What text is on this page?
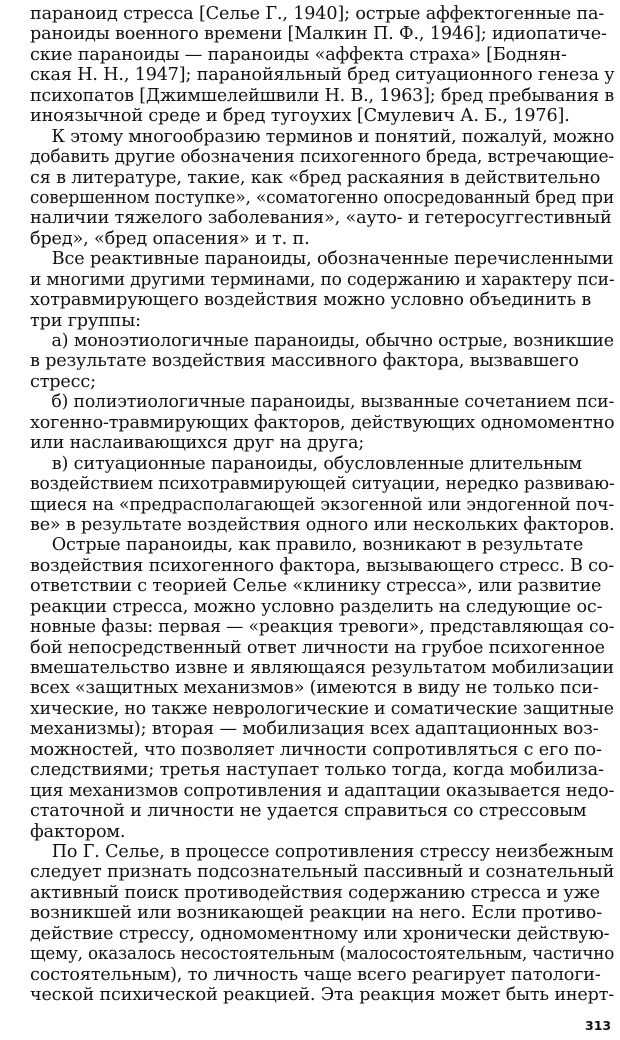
параноид стресса [Селье Г., 1940]; острые аффектогенные па-
раноиды военного времени [Малкин П. Ф., 1946]; идиопатиче-
ские параноиды — параноиды «аффекта страха» [Боднян-
ская Н. Н., 1947]; паранойяльный бред ситуационного генеза у
психопатов [Джимшелейшвили Н. В., 1963]; бред пребывания в
иноязычной среде и бред тугоухих [Смулевич А. Б., 1976].
К этому многообразию терминов и понятий, пожалуй, можно
добавить другие обозначения психогенного бреда, встречающие-
ся в литературе, такие, как «бред раскаяния в действительно
совершенном поступке», «соматогенно опосредованный бред при
наличии тяжелого заболевания», «ауто- и гетеросуггестивный
бред», «бред опасения» и т. п.
Все реактивные параноиды, обозначенные перечисленными
и многими другими терминами, по содержанию и характеру пси-
хотравмирующего воздействия можно условно объединить в
три группы:
а) моноэтиологичные параноиды, обычно острые, возникшие
в результате воздействия массивного фактора, вызвавшего
стресс;
б) полиэтиологичные параноиды, вызванные сочетанием пси-
хогенно-травмирующих факторов, действующих одномоментно
или наслаивающихся друг на друга;
в) ситуационные параноиды, обусловленные длительным
воздействием психотравмирующей ситуации, нередко развиваю-
щиеся на «предрасполагающей экзогенной или эндогенной поч-
ве» в результате воздействия одного или нескольких факторов.
Острые параноиды, как правило, возникают в результате
воздействия психогенного фактора, вызывающего стресс. В со-
ответствии с теорией Селье «клинику стресса», или развитие
реакции стресса, можно условно разделить на следующие ос-
новные фазы: первая — «реакция тревоги», представляющая со-
бой непосредственный ответ личности на грубое психогенное
вмешательство извне и являющаяся результатом мобилизации
всех «защитных механизмов» (имеются в виду не только пси-
хические, но также неврологические и соматические защитные
механизмы); вторая — мобилизация всех адаптационных воз-
можностей, что позволяет личности сопротивляться с его по-
следствиями; третья наступает только тогда, когда мобилиза-
ция механизмов сопротивления и адаптации оказывается недо-
статочной и личности не удается справиться со стрессовым
фактором.
По Г. Селье, в процессе сопротивления стрессу неизбежным
следует признать подсознательный пассивный и сознательный
активный поиск противодействия содержанию стресса и уже
возникшей или возникающей реакции на него. Если противо-
действие стрессу, одномоментному или хронически действую-
щему, оказалось несостоятельным (малосостоятельным, частично
состоятельным), то личность чаще всего реагирует патологи-
ческой психической реакцией. Эта реакция может быть инерт-
313
